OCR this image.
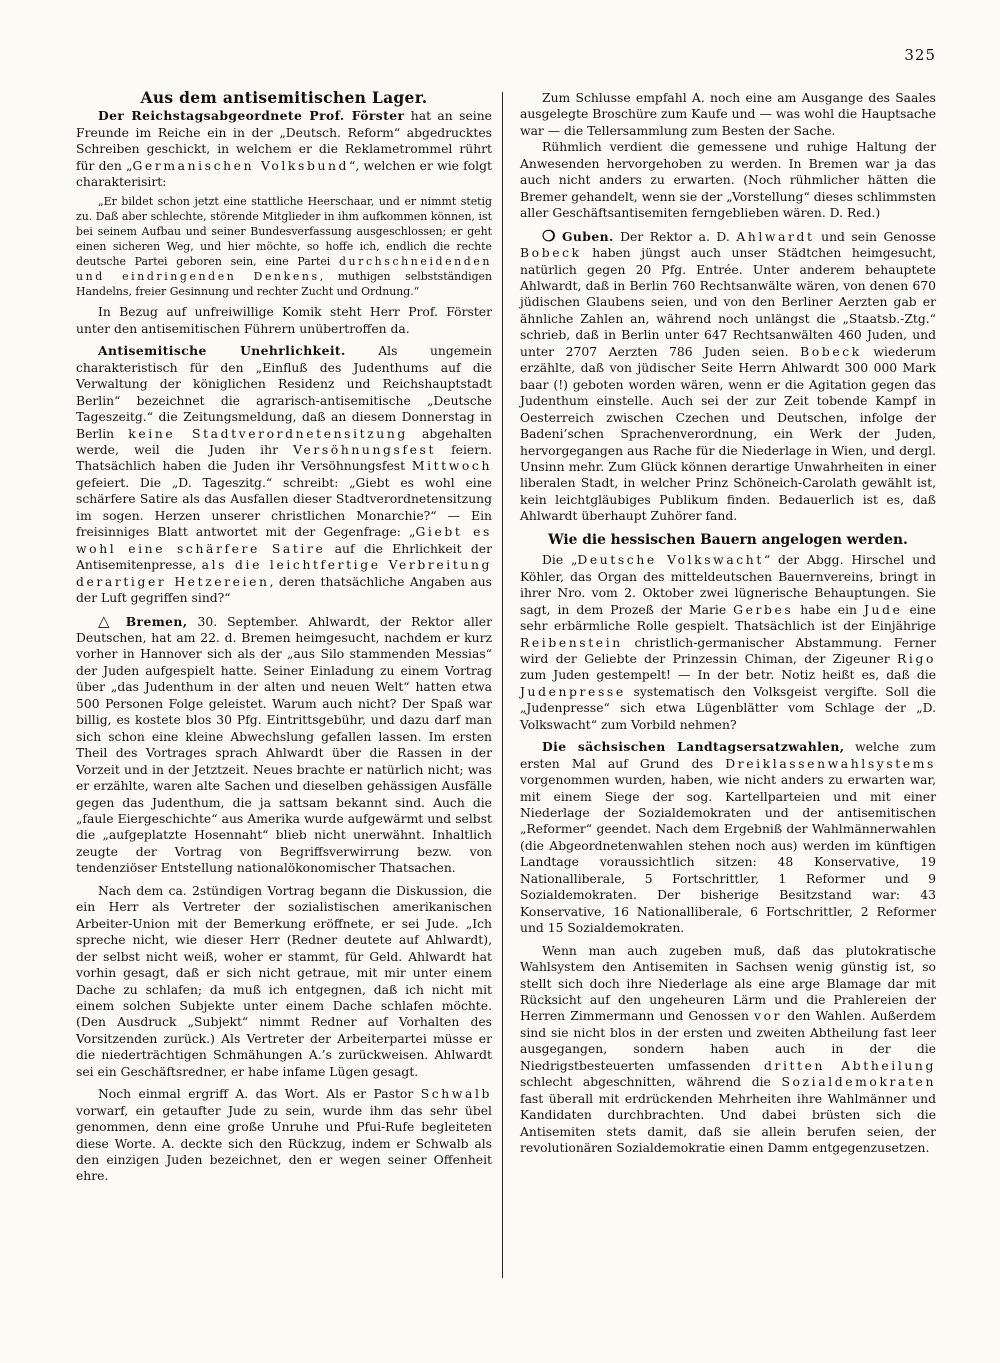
325
Aus dem antisemitischen Lager.

Der Reichstagsabgeordnete Prof. Förster hat an seine Freunde im Reiche ein in der „Deutsch. Reform“ abgedrucktes Schreiben geschickt, in welchem er die Reklametrommel rührt für den „Germanischen Volksbund“, welchen er wie folgt charakterisirt:

„Er bildet schon jetzt eine stattliche Heerschaar, und er nimmt stetig zu. Daß aber schlechte, störende Mitglieder in ihm aufkommen können, ist bei seinem Aufbau und seiner Bundesverfassung ausgeschlossen; er geht einen sicheren Weg, und hier möchte, so hoffe ich, endlich die rechte deutsche Partei geboren sein, eine Partei durchschneidenden und eindringenden Denkens, muthigen selbstständigen Handelns, freier Gesinnung und rechter Zucht und Ordnung.“

In Bezug auf unfreiwillige Komik steht Herr Prof. Förster unter den antisemitischen Führern unübertroffen da.

Antisemitische Unehrlichkeit. Als ungemein charakteristisch für den „Einfluß des Judenthums auf die Verwaltung der königlichen Residenz und Reichshauptstadt Berlin“ bezeichnet die agrarisch-antisemitische „Deutsche Tageszeitg.“ die Zeitungsmeldung, daß an diesem Donnerstag in Berlin keine Stadtverordnetensitzung abgehalten werde, weil die Juden ihr Versöhnungsfest feiern. Thatsächlich haben die Juden ihr Versöhnungsfest Mittwoch gefeiert. Die „D. Tageszitg.“ schreibt: „Giebt es wohl eine schärfere Satire als das Ausfallen dieser Stadtverordnetensitzung im sogen. Herzen unserer christlichen Monarchie?“ — Ein freisinniges Blatt antwortet mit der Gegenfrage: „Giebt es wohl eine schärfere Satire auf die Ehrlichkeit der Antisemitenpresse, als die leichtfertige Verbreitung derartiger Hetzereien, deren thatsächliche Angaben aus der Luft gegriffen sind?“

△ Bremen, 30. September. Ahlwardt, der Rektor aller Deutschen, hat am 22. d. Bremen heimgesucht, nachdem er kurz vorher in Hannover sich als der „aus Silo stammenden Messias“ der Juden aufgespielt hatte. Seiner Einladung zu einem Vortrag über „das Judenthum in der alten und neuen Welt“ hatten etwa 500 Personen Folge geleistet. Warum auch nicht? Der Spaß war billig, es kostete blos 30 Pfg. Eintrittsgebühr, und dazu darf man sich schon eine kleine Abwechslung gefallen lassen. Im ersten Theil des Vortrages sprach Ahlwardt über die Rassen in der Vorzeit und in der Jetztzeit. Neues brachte er natürlich nicht; was er erzählte, waren alte Sachen und dieselben gehässigen Ausfälle gegen das Judenthum, die ja sattsam bekannt sind. Auch die „faule Eiergeschichte“ aus Amerika wurde aufgewärmt und selbst die „aufgeplatzte Hosennaht“ blieb nicht unerwähnt. Inhaltlich zeugte der Vortrag von Begriffsverwirrung bezw. von tendenziöser Entstellung nationalökonomischer Thatsachen.

Nach dem ca. 2stündigen Vortrag begann die Diskussion, die ein Herr als Vertreter der sozialistischen amerikanischen Arbeiter-Union mit der Bemerkung eröffnete, er sei Jude. „Ich spreche nicht, wie dieser Herr (Redner deutete auf Ahlwardt), der selbst nicht weiß, woher er stammt, für Geld. Ahlwardt hat vorhin gesagt, daß er sich nicht getraue, mit mir unter einem Dache zu schlafen; da muß ich entgegnen, daß ich nicht mit einem solchen Subjekte unter einem Dache schlafen möchte. (Den Ausdruck „Subjekt“ nimmt Redner auf Vorhalten des Vorsitzenden zurück.) Als Vertreter der Arbeiterpartei müsse er die niederträchtigen Schmähungen A.’s zurückweisen. Ahlwardt sei ein Geschäftsredner, er habe infame Lügen gesagt.

Noch einmal ergriff A. das Wort. Als er Pastor Schwalb vorwarf, ein getaufter Jude zu sein, wurde ihm das sehr übel genommen, denn eine große Unruhe und Pfui-Rufe begleiteten diese Worte. A. deckte sich den Rückzug, indem er Schwalb als den einzigen Juden bezeichnet, den er wegen seiner Offenheit ehre.

Zum Schlusse empfahl A. noch eine am Ausgange des Saales ausgelegte Broschüre zum Kaufe und — was wohl die Hauptsache war — die Tellersammlung zum Besten der Sache.

Rühmlich verdient die gemessene und ruhige Haltung der Anwesenden hervorgehoben zu werden. In Bremen war ja das auch nicht anders zu erwarten. (Noch rühmlicher hätten die Bremer gehandelt, wenn sie der „Vorstellung“ dieses schlimmsten aller Geschäftsantisemiten ferngeblieben wären. D. Red.)

❍ Guben. Der Rektor a. D. Ahlwardt und sein Genosse Bobeck haben jüngst auch unser Städtchen heimgesucht, natürlich gegen 20 Pfg. Entrée. Unter anderem behauptete Ahlwardt, daß in Berlin 760 Rechtsanwälte wären, von denen 670 jüdischen Glaubens seien, und von den Berliner Aerzten gab er ähnliche Zahlen an, während noch unlängst die „Staatsb.-Ztg.“ schrieb, daß in Berlin unter 647 Rechtsanwälten 460 Juden, und unter 2707 Aerzten 786 Juden seien. Bobeck wiederum erzählte, daß von jüdischer Seite Herrn Ahlwardt 300 000 Mark baar (!) geboten worden wären, wenn er die Agitation gegen das Judenthum einstelle. Auch sei der zur Zeit tobende Kampf in Oesterreich zwischen Czechen und Deutschen, infolge der Badeni’schen Sprachenverordnung, ein Werk der Juden, hervorgegangen aus Rache für die Niederlage in Wien, und dergl. Unsinn mehr. Zum Glück können derartige Unwahrheiten in einer liberalen Stadt, in welcher Prinz Schöneich-Carolath gewählt ist, kein leichtgläubiges Publikum finden. Bedauerlich ist es, daß Ahlwardt überhaupt Zuhörer fand.

Wie die hessischen Bauern angelogen werden.

Die „Deutsche Volkswacht“ der Abgg. Hirschel und Köhler, das Organ des mitteldeutschen Bauernvereins, bringt in ihrer Nro. vom 2. Oktober zwei lügnerische Behauptungen. Sie sagt, in dem Prozeß der Marie Gerbes habe ein Jude eine sehr erbärmliche Rolle gespielt. Thatsächlich ist der Einjährige Reibenstein christlich-germanischer Abstammung. Ferner wird der Geliebte der Prinzessin Chiman, der Zigeuner Rigo zum Juden gestempelt! — In der betr. Notiz heißt es, daß die Judenpresse systematisch den Volksgeist vergifte. Soll die „Judenpresse“ sich etwa Lügenblätter vom Schlage der „D. Volkswacht“ zum Vorbild nehmen?

Die sächsischen Landtagsersatzwahlen, welche zum ersten Mal auf Grund des Dreiklassenwahlsystems vorgenommen wurden, haben, wie nicht anders zu erwarten war, mit einem Siege der sog. Kartellparteien und mit einer Niederlage der Sozialdemokraten und der antisemitischen „Reformer“ geendet. Nach dem Ergebniß der Wahlmännerwahlen (die Abgeordnetenwahlen stehen noch aus) werden im künftigen Landtage voraussichtlich sitzen: 48 Konservative, 19 Nationalliberale, 5 Fortschrittler, 1 Reformer und 9 Sozialdemokraten. Der bisherige Besitzstand war: 43 Konservative, 16 Nationalliberale, 6 Fortschrittler, 2 Reformer und 15 Sozialdemokraten.

Wenn man auch zugeben muß, daß das plutokratische Wahlsystem den Antisemiten in Sachsen wenig günstig ist, so stellt sich doch ihre Niederlage als eine arge Blamage dar mit Rücksicht auf den ungeheuren Lärm und die Prahlereien der Herren Zimmermann und Genossen vor den Wahlen. Außerdem sind sie nicht blos in der ersten und zweiten Abtheilung fast leer ausgegangen, sondern haben auch in der die Niedrigstbesteuerten umfassenden dritten Abtheilung schlecht abgeschnitten, während die Sozialdemokraten fast überall mit erdrückenden Mehrheiten ihre Wahlmänner und Kandidaten durchbrachten. Und dabei brüsten sich die Antisemiten stets damit, daß sie allein berufen seien, der revolutionären Sozialdemokratie einen Damm entgegenzusetzen.
